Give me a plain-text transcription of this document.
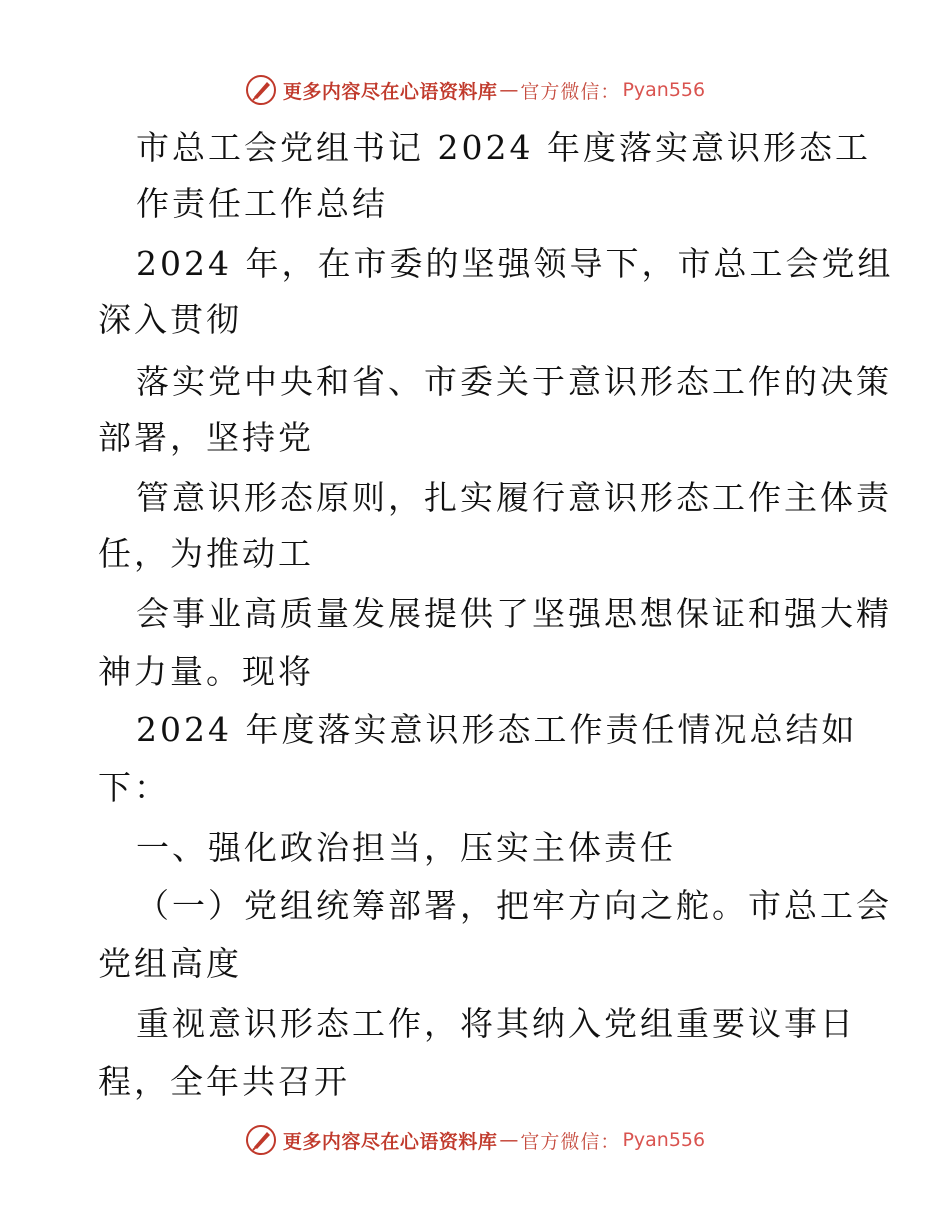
更多内容尽在心语资料库 — 官方微信： Pyan556
市总工会党组书记 2024 年度落实意识形态工
作责任工作总结
2024 年，在市委的坚强领导下，市总工会党组
深入贯彻
落实党中央和省、市委关于意识形态工作的决策
部署，坚持党
管意识形态原则，扎实履行意识形态工作主体责
任，为推动工
会事业高质量发展提供了坚强思想保证和强大精
神力量。现将
2024 年度落实意识形态工作责任情况总结如
下：
一、强化政治担当，压实主体责任
（一）党组统筹部署，把牢方向之舵。市总工会
党组高度
重视意识形态工作，将其纳入党组重要议事日
程，全年共召开
更多内容尽在心语资料库 — 官方微信： Pyan556
